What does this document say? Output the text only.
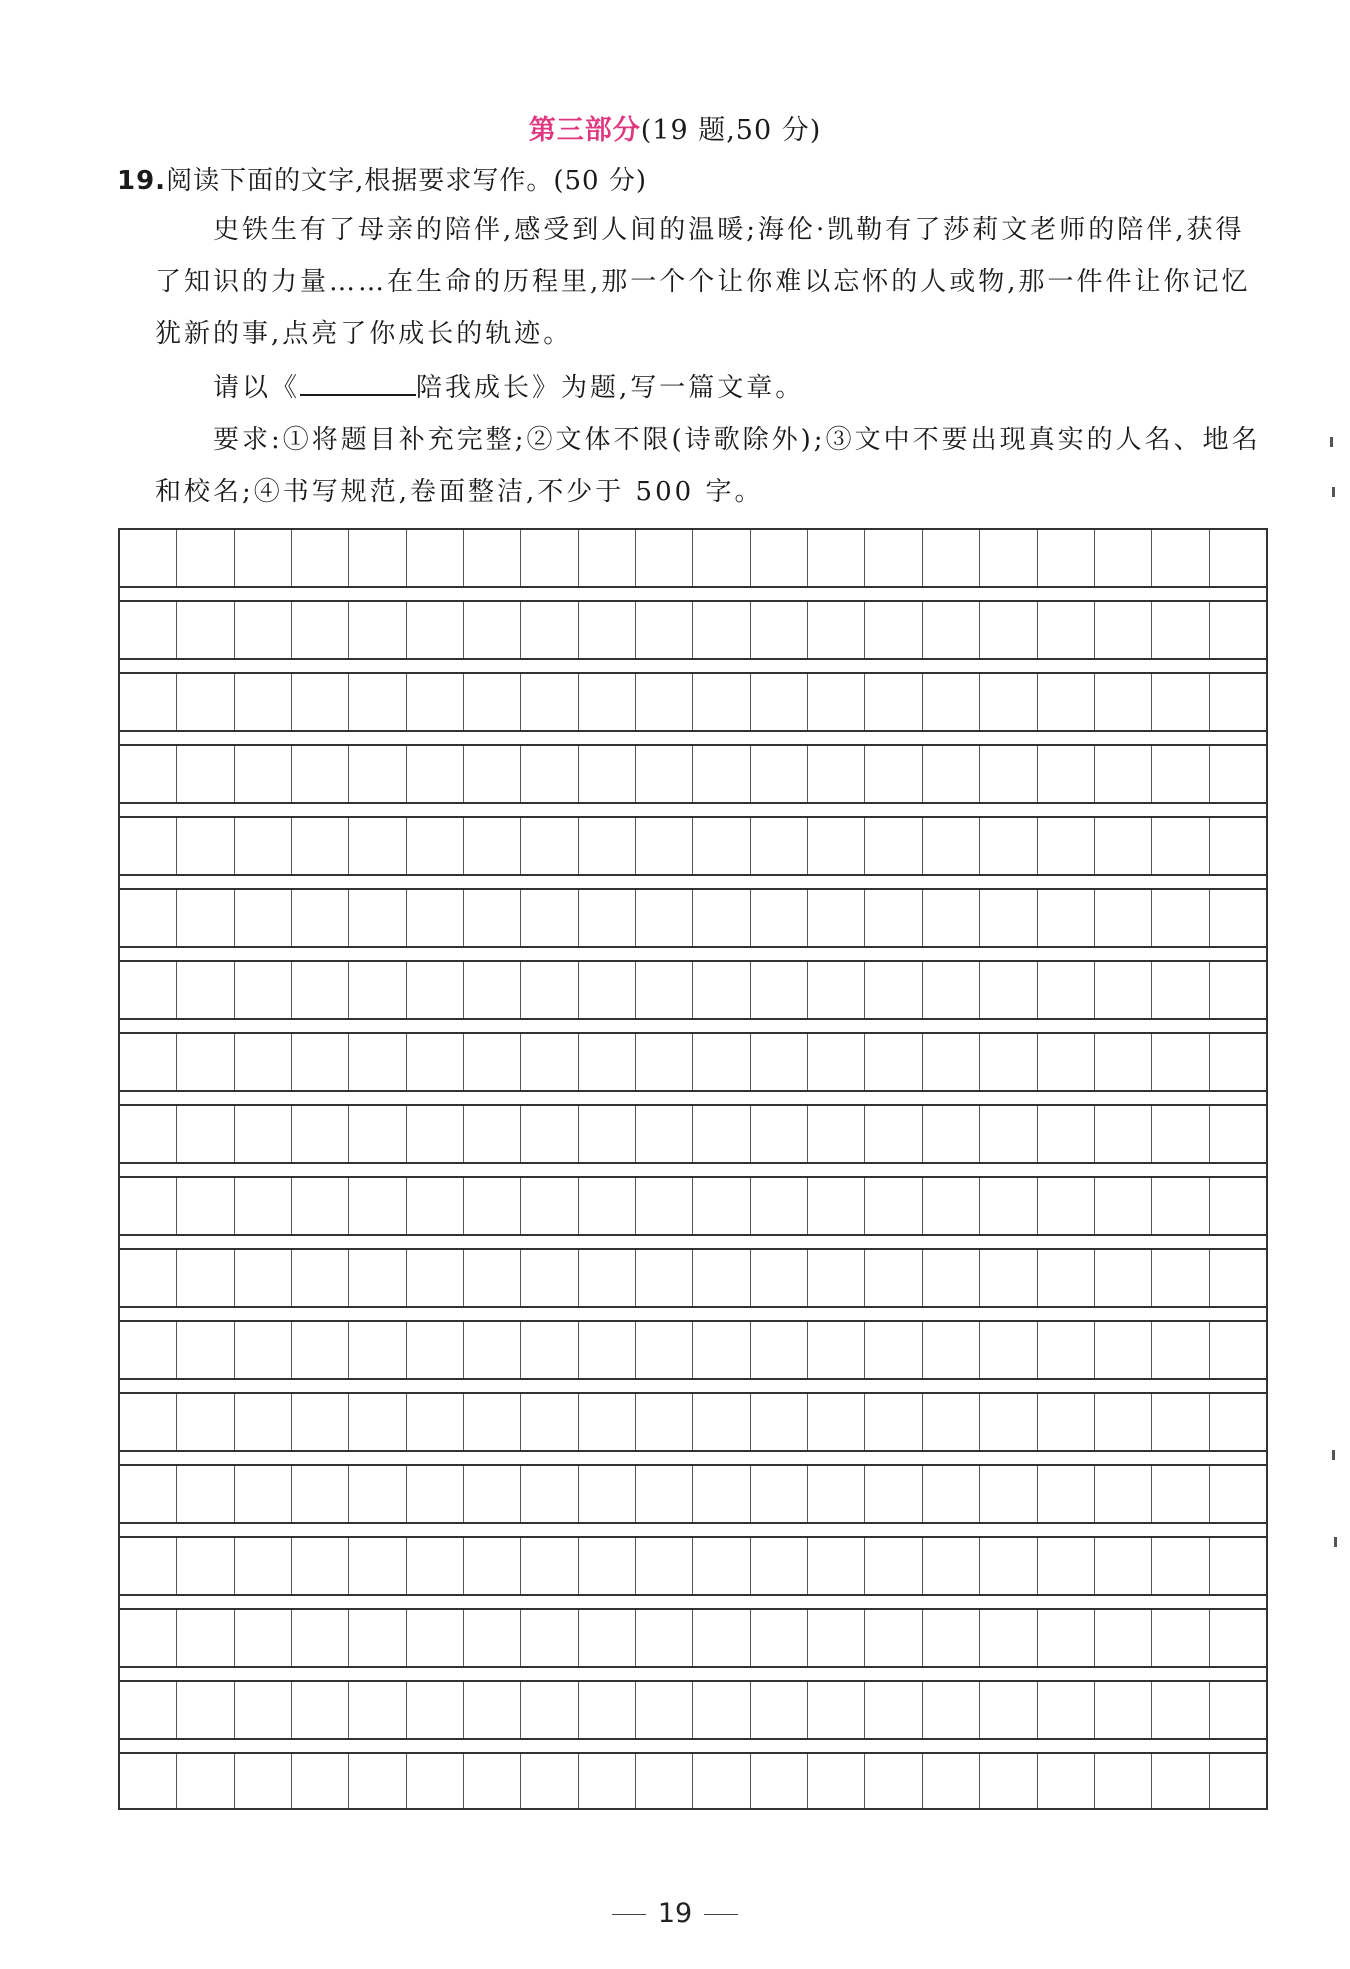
第三部分(19 题,50 分)
19.阅读下面的文字,根据要求写作。(50 分)
史铁生有了母亲的陪伴,感受到人间的温暖;海伦·凯勒有了莎莉文老师的陪伴,获得
了知识的力量……在生命的历程里,那一个个让你难以忘怀的人或物,那一件件让你记忆
犹新的事,点亮了你成长的轨迹。
请以《	陪我成长》为题,写一篇文章。
要求:①将题目补充完整;②文体不限(诗歌除外);③文中不要出现真实的人名、地名
和校名;④书写规范,卷面整洁,不少于 500 字。
19
